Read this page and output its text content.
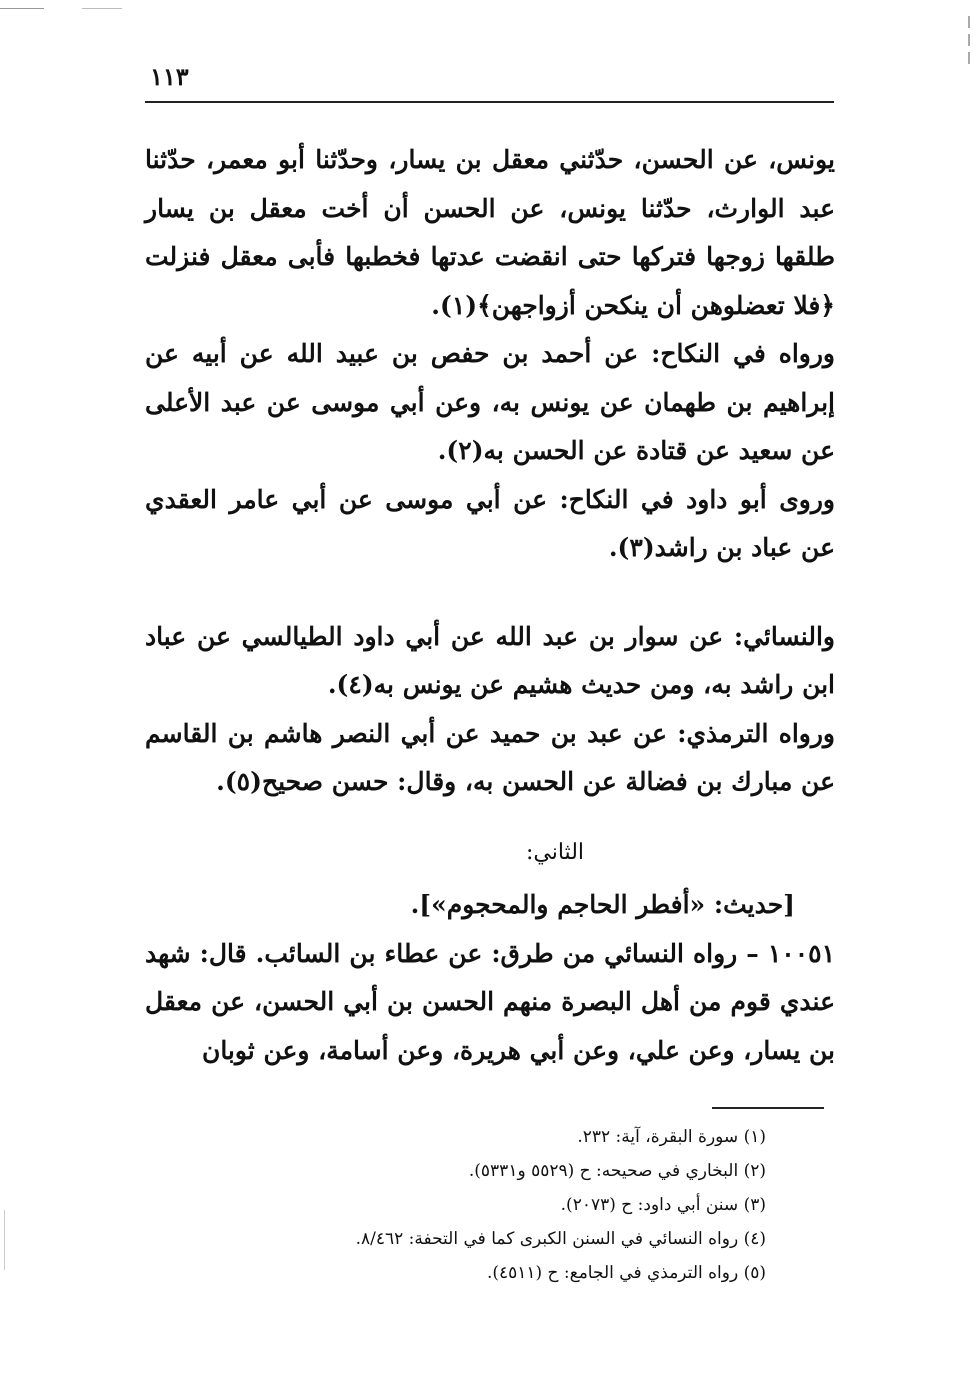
١١٣

يونس، عن الحسن، حدّثني معقل بن يسار، وحدّثنا أبو معمر، حدّثنا عبد الوارث، حدّثنا يونس، عن الحسن أن أخت معقل بن يسار طلقها زوجها فتركها حتى انقضت عدتها فخطبها فأبى معقل فنزلت ﴿فلا تعضلوهن أن ينكحن أزواجهن﴾(١).

ورواه في النكاح: عن أحمد بن حفص بن عبيد الله عن أبيه عن إبراهيم بن طهمان عن يونس به، وعن أبي موسى عن عبد الأعلى عن سعيد عن قتادة عن الحسن به(٢).

وروى أبو داود في النكاح: عن أبي موسى عن أبي عامر العقدي عن عباد بن راشد(٣).

والنسائي: عن سوار بن عبد الله عن أبي داود الطيالسي عن عباد ابن راشد به، ومن حديث هشيم عن يونس به(٤).

ورواه الترمذي: عن عبد بن حميد عن أبي النصر هاشم بن القاسم عن مبارك بن فضالة عن الحسن به، وقال: حسن صحيح(٥).

الثاني:

[حديث: «أفطر الحاجم والمحجوم»].

١٠٠٥١ – رواه النسائي من طرق: عن عطاء بن السائب. قال: شهد عندي قوم من أهل البصرة منهم الحسن بن أبي الحسن، عن معقل بن يسار، وعن علي، وعن أبي هريرة، وعن أسامة، وعن ثوبان

(١) سورة البقرة، آية: ٢٣٢.

(٢) البخاري في صحيحه: ح (٥٥٢٩ و٥٣٣١).

(٣) سنن أبي داود: ح (٢٠٧٣).

(٤) رواه النسائي في السنن الكبرى كما في التحفة: ٨/٤٦٢.

(٥) رواه الترمذي في الجامع: ح (٤٥١١).
